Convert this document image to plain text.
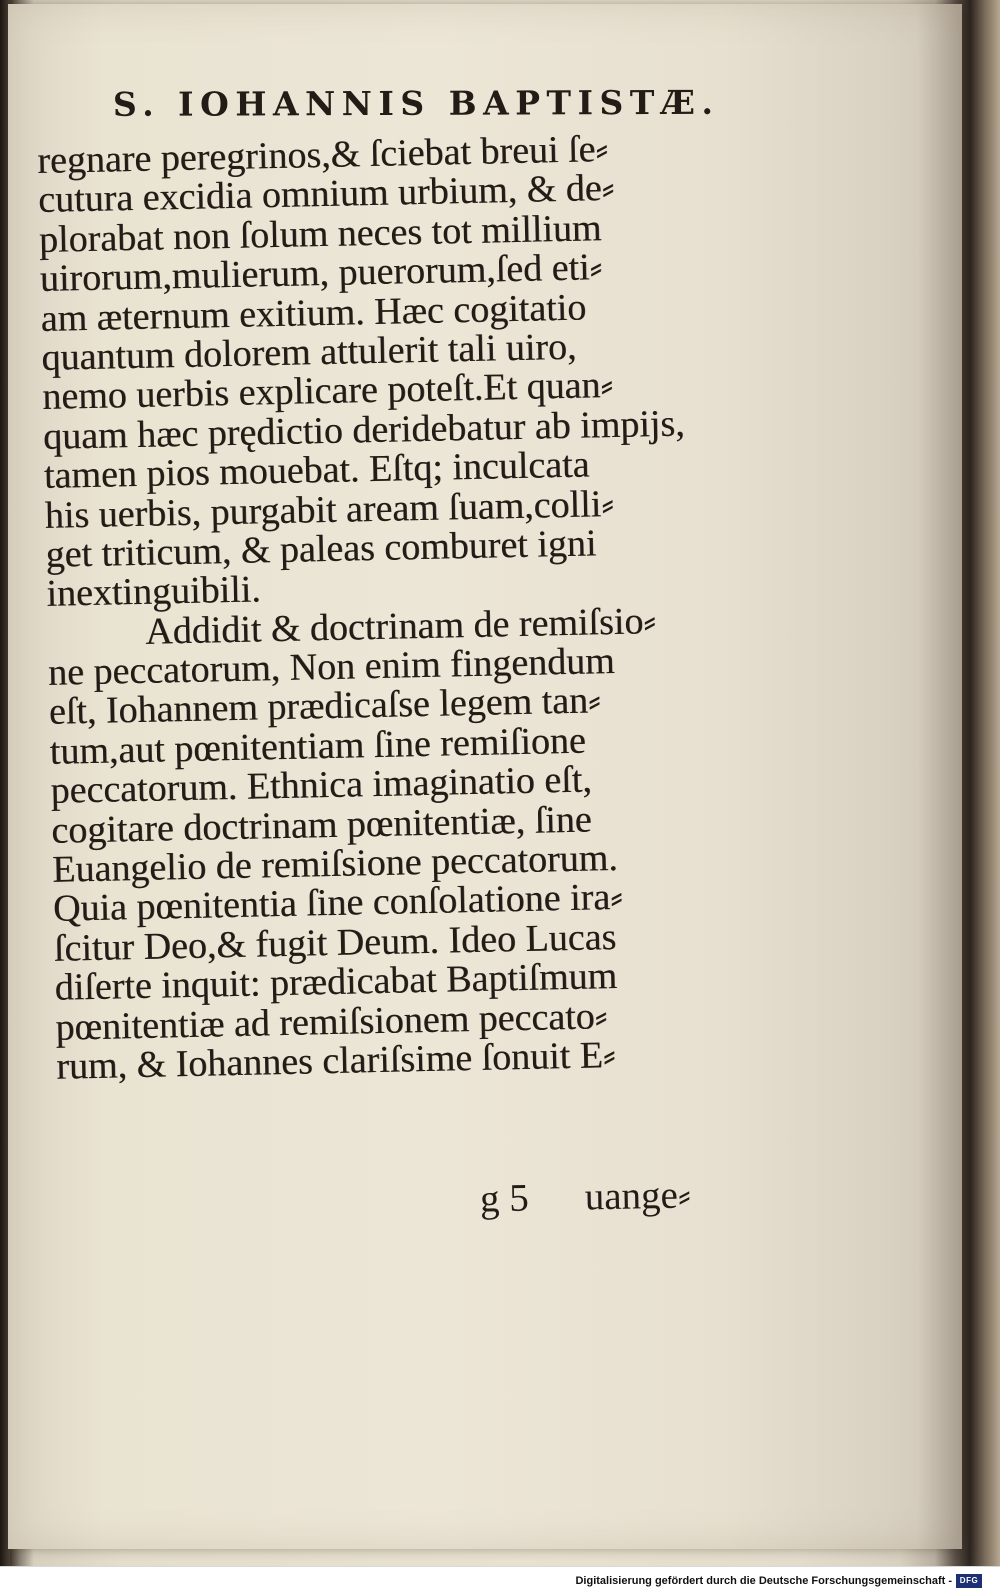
S. IOHANNIS BAPTISTÆ.
regnare peregrinos,& ſciebat breui ſe⸗
cutura excidia omnium urbium, & de⸗
plorabat non ſolum neces tot millium
uirorum,mulierum, puerorum,ſed eti⸗
am æternum exitium. Hæc cogitatio
quantum dolorem attulerit tali uiro,
nemo uerbis explicare poteſt.Et quan⸗
quam hæc prędictio deridebatur ab impijs,
tamen pios mouebat. Eſtq; inculcata
his uerbis, purgabit aream ſuam,colli⸗
get triticum, & paleas comburet igni
inextinguibili.
Addidit & doctrinam de remiſsio⸗
ne peccatorum, Non enim fingendum
eſt, Iohannem prædicaſse legem tan⸗
tum,aut pœnitentiam ſine remiſione
peccatorum. Ethnica imaginatio eſt,
cogitare doctrinam pœnitentiæ, ſine
Euangelio de remiſsione peccatorum.
Quia pœnitentia ſine conſolatione ira⸗
ſcitur Deo,& fugit Deum. Ideo Lucas
diſerte inquit: prædicabat Baptiſmum
pœnitentiæ ad remiſsionem peccato⸗
rum, & Iohannes clariſsime ſonuit E⸗
g 5 uange⸗
Digitalisierung gefördert durch die Deutsche Forschungsgemeinschaft - DFG
